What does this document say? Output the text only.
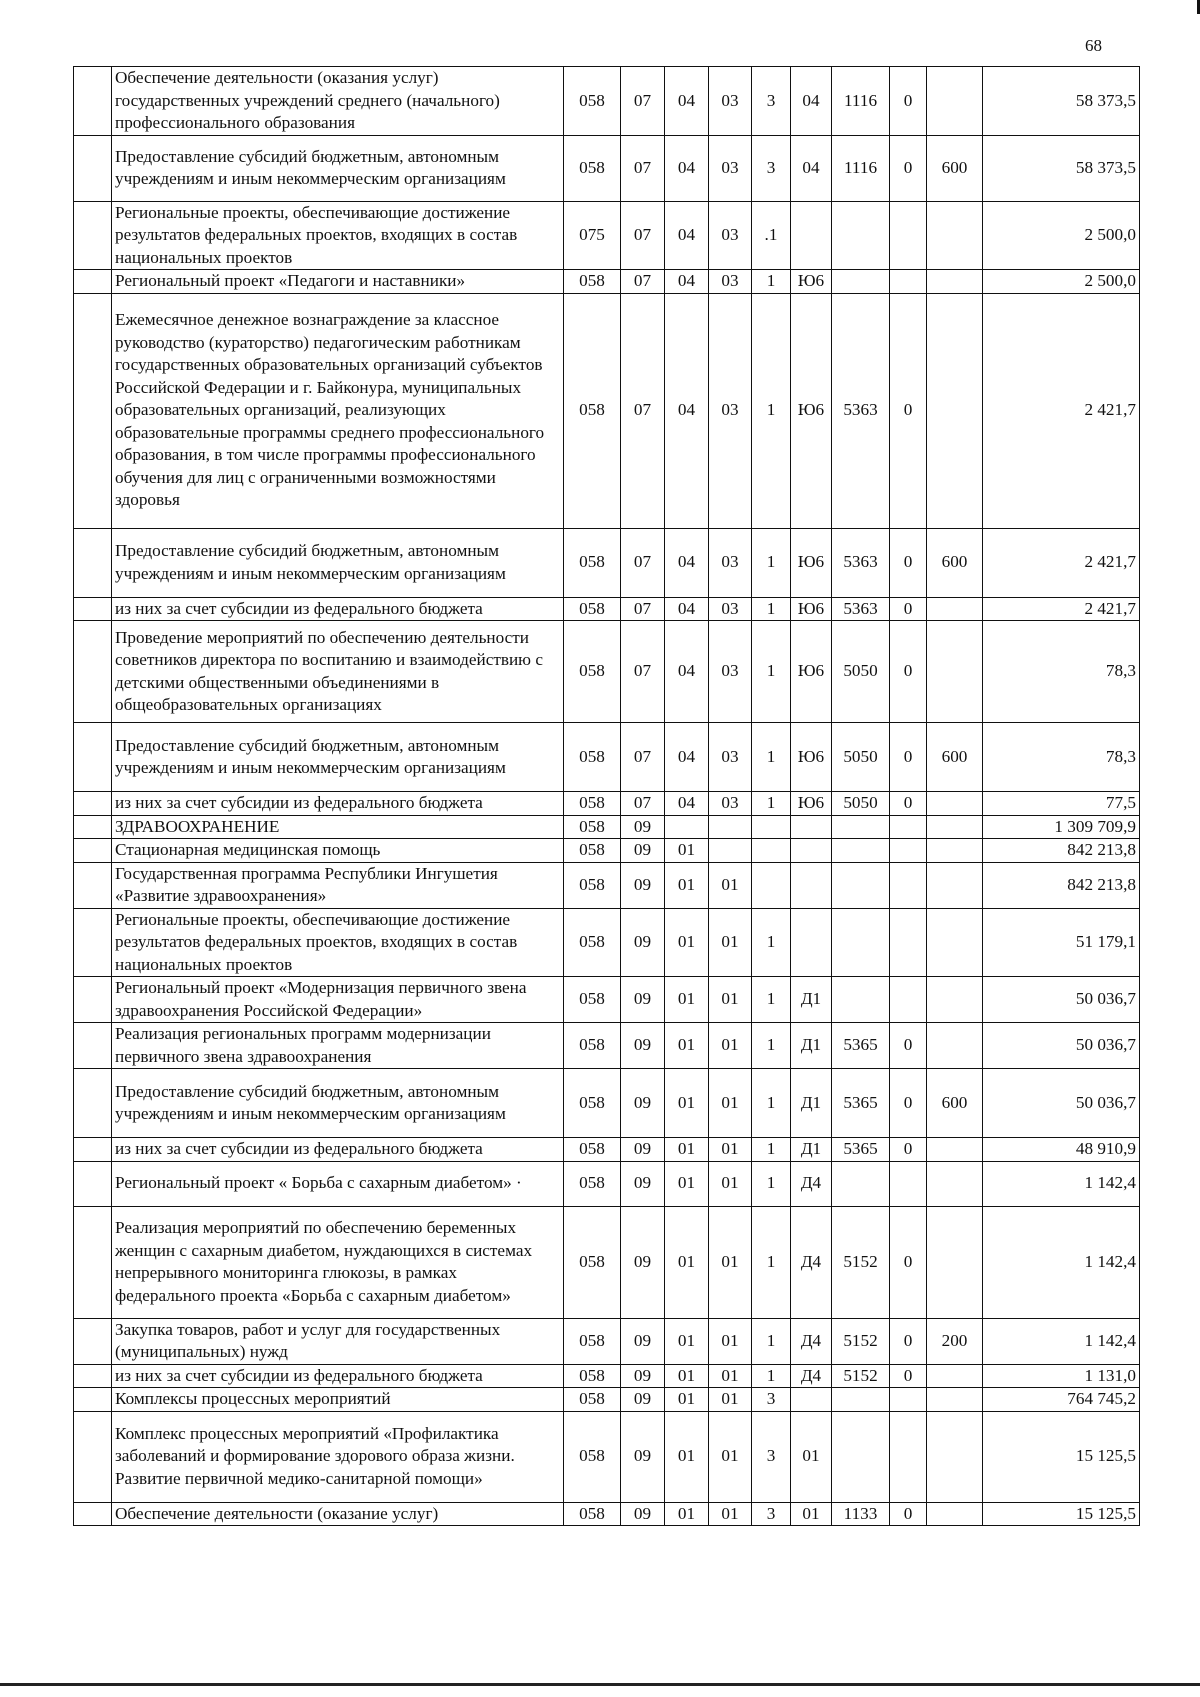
68
	Обеспечение деятельности (оказания услуг) государственных учреждений среднего (начального) профессионального образования	058	07	04	03	3	04	1116	0		58 373,5
	Предоставление субсидий бюджетным, автономным учреждениям и иным некоммерческим организациям	058	07	04	03	3	04	1116	0	600	58 373,5
	Региональные проекты, обеспечивающие достижение результатов федеральных проектов, входящих в состав национальных проектов	075	07	04	03	.1					2 500,0
	Региональный проект «Педагоги и наставники»	058	07	04	03	1	Ю6				2 500,0
	Ежемесячное денежное вознаграждение за классное руководство (кураторство) педагогическим работникам государственных образовательных организаций субъектов Российской Федерации и г. Байконура, муниципальных образовательных организаций, реализующих образовательные программы среднего профессионального образования, в том числе программы профессионального обучения для лиц с ограниченными возможностями здоровья	058	07	04	03	1	Ю6	5363	0		2 421,7
	Предоставление субсидий бюджетным, автономным учреждениям и иным некоммерческим организациям	058	07	04	03	1	Ю6	5363	0	600	2 421,7
	из них за счет субсидии из федерального бюджета	058	07	04	03	1	Ю6	5363	0		2 421,7
	Проведение мероприятий по обеспечению деятельности советников директора по воспитанию и взаимодействию с детскими общественными объединениями в общеобразовательных организациях	058	07	04	03	1	Ю6	5050	0		78,3
	Предоставление субсидий бюджетным, автономным учреждениям и иным некоммерческим организациям	058	07	04	03	1	Ю6	5050	0	600	78,3
	из них за счет субсидии из федерального бюджета	058	07	04	03	1	Ю6	5050	0		77,5
	ЗДРАВООХРАНЕНИЕ	058	09								1 309 709,9
	Стационарная медицинская помощь	058	09	01							842 213,8
	Государственная программа Республики Ингушетия «Развитие здравоохранения»	058	09	01	01						842 213,8
	Региональные проекты, обеспечивающие достижение результатов федеральных проектов, входящих в состав национальных проектов	058	09	01	01	1					51 179,1
	Региональный проект «Модернизация первичного звена здравоохранения Российской Федерации»	058	09	01	01	1	Д1				50 036,7
	Реализация региональных программ модернизации первичного звена здравоохранения	058	09	01	01	1	Д1	5365	0		50 036,7
	Предоставление субсидий бюджетным, автономным учреждениям и иным некоммерческим организациям	058	09	01	01	1	Д1	5365	0	600	50 036,7
	из них за счет субсидии из федерального бюджета	058	09	01	01	1	Д1	5365	0		48 910,9
	Региональный проект « Борьба с сахарным диабетом» ·	058	09	01	01	1	Д4				1 142,4
	Реализация мероприятий по обеспечению беременных женщин с сахарным диабетом, нуждающихся в системах непрерывного мониторинга глюкозы, в рамках федерального проекта «Борьба с сахарным диабетом»	058	09	01	01	1	Д4	5152	0		1 142,4
	Закупка товаров, работ и услуг для государственных (муниципальных) нужд	058	09	01	01	1	Д4	5152	0	200	1 142,4
	из них за счет субсидии из федерального бюджета	058	09	01	01	1	Д4	5152	0		1 131,0
	Комплексы процессных мероприятий	058	09	01	01	3					764 745,2
	Комплекс процессных мероприятий «Профилактика заболеваний и формирование здорового образа жизни. Развитие первичной медико-санитарной помощи»	058	09	01	01	3	01				15 125,5
	Обеспечение деятельности (оказание услуг)	058	09	01	01	3	01	1133	0		15 125,5
